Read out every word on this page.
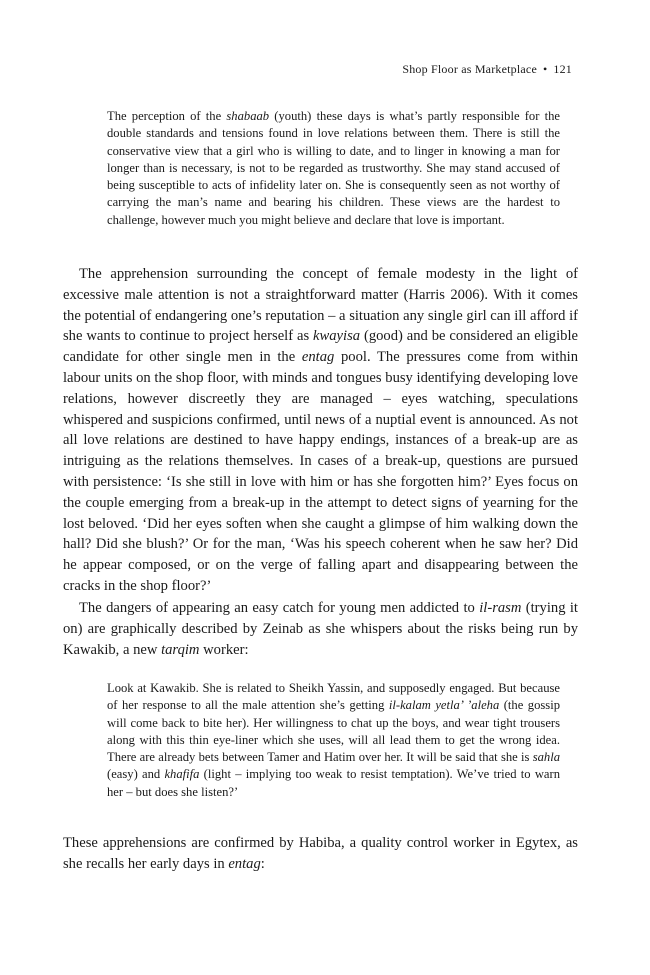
Shop Floor as Marketplace • 121

The perception of the shabaab (youth) these days is what’s partly responsible for the double standards and tensions found in love relations between them. There is still the conservative view that a girl who is willing to date, and to linger in knowing a man for longer than is necessary, is not to be regarded as trustworthy. She may stand accused of being susceptible to acts of infidelity later on. She is consequently seen as not worthy of carrying the man’s name and bearing his children. These views are the hardest to challenge, however much you might believe and declare that love is important.

The apprehension surrounding the concept of female modesty in the light of excessive male attention is not a straightforward matter (Harris 2006). With it comes the potential of endangering one’s reputation – a situation any single girl can ill afford if she wants to continue to project herself as kwayisa (good) and be considered an eligible candidate for other single men in the entag pool. The pressures come from within labour units on the shop floor, with minds and tongues busy identifying developing love relations, however discreetly they are managed – eyes watching, speculations whispered and suspicions confirmed, until news of a nuptial event is announced. As not all love relations are destined to have happy endings, instances of a break-up are as intriguing as the relations themselves. In cases of a break-up, questions are pursued with persistence: ‘Is she still in love with him or has she forgotten him?’ Eyes focus on the couple emerging from a break-up in the attempt to detect signs of yearning for the lost beloved. ‘Did her eyes soften when she caught a glimpse of him walking down the hall? Did she blush?’ Or for the man, ‘Was his speech coherent when he saw her? Did he appear composed, or on the verge of falling apart and disappearing between the cracks in the shop floor?’

The dangers of appearing an easy catch for young men addicted to il-rasm (trying it on) are graphically described by Zeinab as she whispers about the risks being run by Kawakib, a new tarqim worker:

Look at Kawakib. She is related to Sheikh Yassin, and supposedly engaged. But because of her response to all the male attention she’s getting il-kalam yetla’ ’aleha (the gossip will come back to bite her). Her willingness to chat up the boys, and wear tight trousers along with this thin eye-liner which she uses, will all lead them to get the wrong idea. There are already bets between Tamer and Hatim over her. It will be said that she is sahla (easy) and khafifa (light – implying too weak to resist temptation). We’ve tried to warn her – but does she listen?’

These apprehensions are confirmed by Habiba, a quality control worker in Egytex, as she recalls her early days in entag:
